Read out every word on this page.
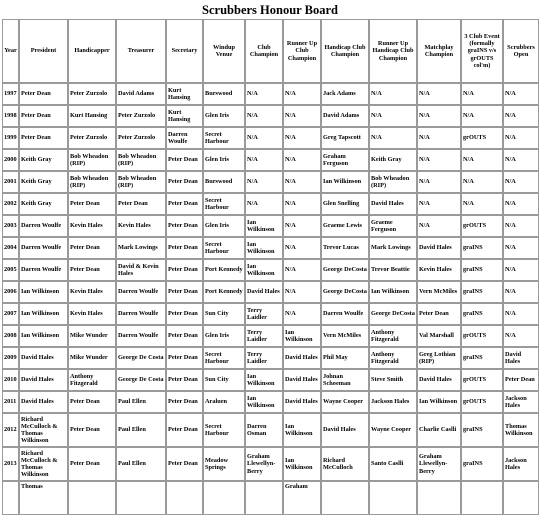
Scrubbers Honour Board
Year	President	Handicapper	Treasurer	Secretary	Windup Venue	Club Champion	Runner Up Club Champion	Handicap Club Champion	Runner Up Handicap Club Champion	Matchplay Champion	3 Club Event (formally graINS v/s grOUTS col'm)	Scrubbers Open
1997	Peter Dean	Peter Zurzolo	David Adams	Kurt Hansing	Burswood	N/A	N/A	Jack Adams	N/A	N/A	N/A	N/A
1998	Peter Dean	Kurt Hansing	Peter Zurzolo	Kurt Hansing	Glen Iris	N/A	N/A	David Adams	N/A	N/A	N/A	N/A
1999	Peter Dean	Peter Zurzolo	Peter Zurzolo	Darren Woulfe	Secret Harbour	N/A	N/A	Greg Tapscott	N/A	N/A	grOUTS	N/A
2000	Keith Gray	Bob Wheadon (RIP)	Bob Wheadon (RIP)	Peter Dean	Glen Iris	N/A	N/A	Graham Ferguson	Keith Gray	N/A	N/A	N/A
2001	Keith Gray	Bob Wheadon (RIP)	Bob Wheadon (RIP)	Peter Dean	Burswood	N/A	N/A	Ian Wilkinson	Bob Wheadon (RIP)	N/A	N/A	N/A
2002	Keith Gray	Peter Dean	Peter Dean	Peter Dean	Secret Harbour	N/A	N/A	Glen Snelling	David Hales	N/A	N/A	N/A
2003	Darren Woulfe	Kevin Hales	Kevin Hales	Peter Dean	Glen Iris	Ian Wilkinson	N/A	Graeme Lewis	Graeme Ferguson	N/A	grOUTS	N/A
2004	Darren Woulfe	Peter Dean	Mark Lowings	Peter Dean	Secret Harbour	Ian Wilkinson	N/A	Trevor Lucas	Mark Lowings	David Hales	graINS	N/A
2005	Darren Woulfe	Peter Dean	David & Kevin Hales	Peter Dean	Port Kennedy	Ian Wilkinson	N/A	George DeCosta	Trevor Beattie	Kevin Hales	graINS	N/A
2006	Ian Wilkinson	Kevin Hales	Darren Woulfe	Peter Dean	Port Kennedy	David Hales	N/A	George DeCosta	Ian Wilkinson	Vern McMiles	graINS	N/A
2007	Ian Wilkinson	Kevin Hales	Darren Woulfe	Peter Dean	Sun City	Terry Laidler	N/A	Darren Woulfe	George DeCosta	Peter Dean	graINS	N/A
2008	Ian Wilkinson	Mike Wunder	Darren Woulfe	Peter Dean	Glen Iris	Terry Laidler	Ian Wilkinson	Vern McMiles	Anthony Fitzgerald	Val Marshall	grOUTS	N/A
2009	David Hales	Mike Wunder	George De Costa	Peter Dean	Secret Harbour	Terry Laidler	David Hales	Phil May	Anthony Fitzgerald	Greg Lothian (RIP)	graINS	David Hales
2010	David Hales	Anthony Fitzgerald	George De Costa	Peter Dean	Sun City	Ian Wilkinson	David Hales	Johnan Schoeman	Steve Smith	David Hales	grOUTS	Peter Dean
2011	David Hales	Peter Dean	Paul Ellen	Peter Dean	Araluen	Ian Wilkinson	David Hales	Wayne Cooper	Jackson Hales	Ian Wilkinson	grOUTS	Jackson Hales
2012	Richard McCulloch & Thomas Wilkinson	Peter Dean	Paul Ellen	Peter Dean	Secret Harbour	Darren Osman	Ian Wilkinson	David Hales	Wayne Cooper	Charlie Caslli	graINS	Thomas Wilkinson
2013	Richard McCulloch & Thomas Wilkinson	Peter Dean	Paul Ellen	Peter Dean	Meadow Springs	Graham Llewellyn-Berry	Ian Wilkinson	Richard McCulloch	Santo Caslli	Graham Llewellyn-Berry	graINS	Jackson Hales
	Thomas						Graham					
